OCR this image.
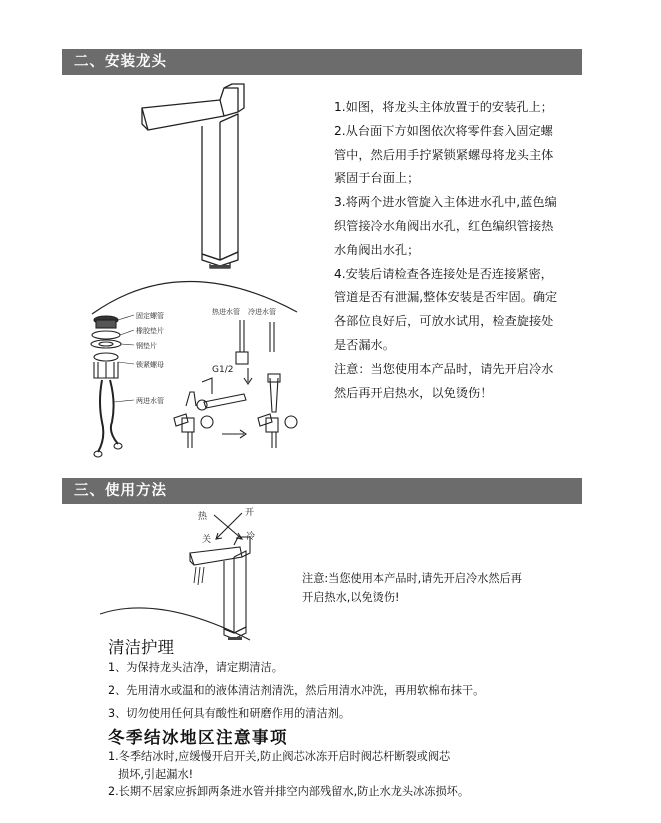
二、安装龙头
固定螺管
橡胶垫片
钢垫片
锁紧螺母
两进水管
热进水管 冷进水管
G1/2

1.如图，将龙头主体放置于的安装孔上；

2.从台面下方如图依次将零件套入固定螺

管中，然后用手拧紧锁紧螺母将龙头主体

紧固于台面上；

3.将两个进水管旋入主体进水孔中,蓝色编

织管接冷水角阀出水孔，红色编织管接热

水角阀出水孔；

4.安装后请检查各连接处是否连接紧密，

管道是否有泄漏,整体安装是否牢固。确定

各部位良好后，可放水试用，检查旋接处

是否漏水。

注意：当您使用本产品时，请先开启冷水

然后再开启热水，以免烫伤！

三、使用方法
热	开
关	冷

注意:当您使用本产品时,请先开启冷水然后再

开启热水,以免烫伤!

清洁护理

1、为保持龙头洁净，请定期清洁。

2、先用清水或温和的液体清洁剂清洗，然后用清水冲洗，再用软棉布抹干。

3、切勿使用任何具有酸性和研磨作用的清洁剂。

冬季结冰地区注意事项

1.冬季结冰时,应缓慢开启开关,防止阀芯冰冻开启时阀芯杆断裂或阀芯

损坏,引起漏水!

2.长期不居家应拆卸两条进水管并排空内部残留水,防止水龙头冰冻损坏。
